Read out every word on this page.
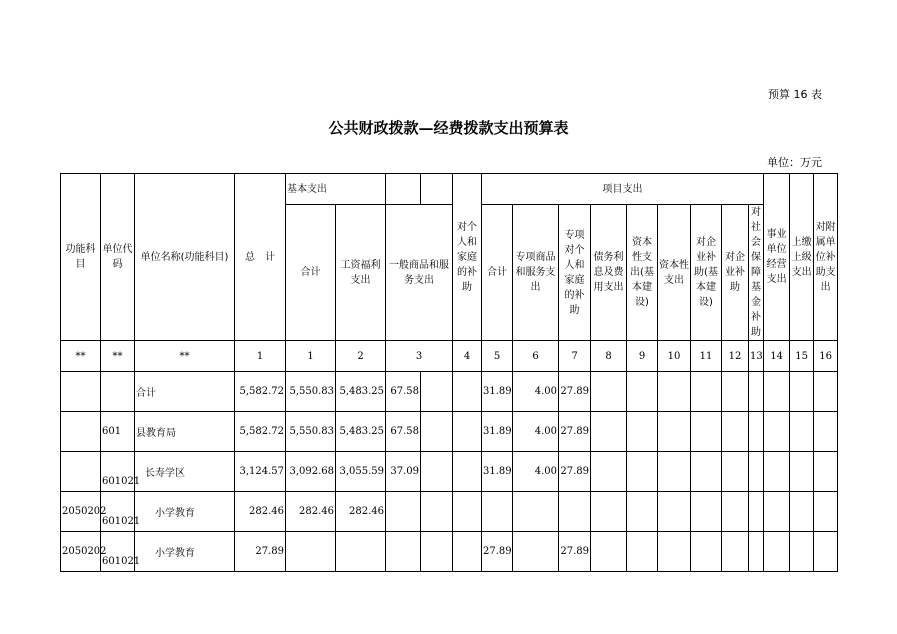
预算 16 表
公共财政拨款—经费拨款支出预算表
单位：万元
功能科目	单位代码	单位名称(功能科目)	总　计	基本支出				对个人和家庭的补助	项目支出									事业单位经营支出	上缴上级支出	对附属单位补助支出	
				合计	工资福利支出	一般商品和服务支出			合计	专项商品和服务支出	专项对个人和家庭的补助	债务利息及费用支出	资本性支出(基本建设)	资本性支出	对企业补助(基本建设)	对企业补助	对社会保障基金补助	
**	**	**	1	1	2	3		4	5	6	7	8	9	10	11	12	13	14	15	16	
		合计	5,582.72	5,550.83	5,483.25	67.58			31.89	4.00	27.89										
	601	县教育局	5,582.72	5,550.83	5,483.25	67.58			31.89	4.00	27.89										
	601021	长寿学区	3,124.57	3,092.68	3,055.59	37.09			31.89	4.00	27.89										
2050202	601021	小学教育	282.46	282.46	282.46																
2050202	601021	小学教育	27.89						27.89		27.89										
